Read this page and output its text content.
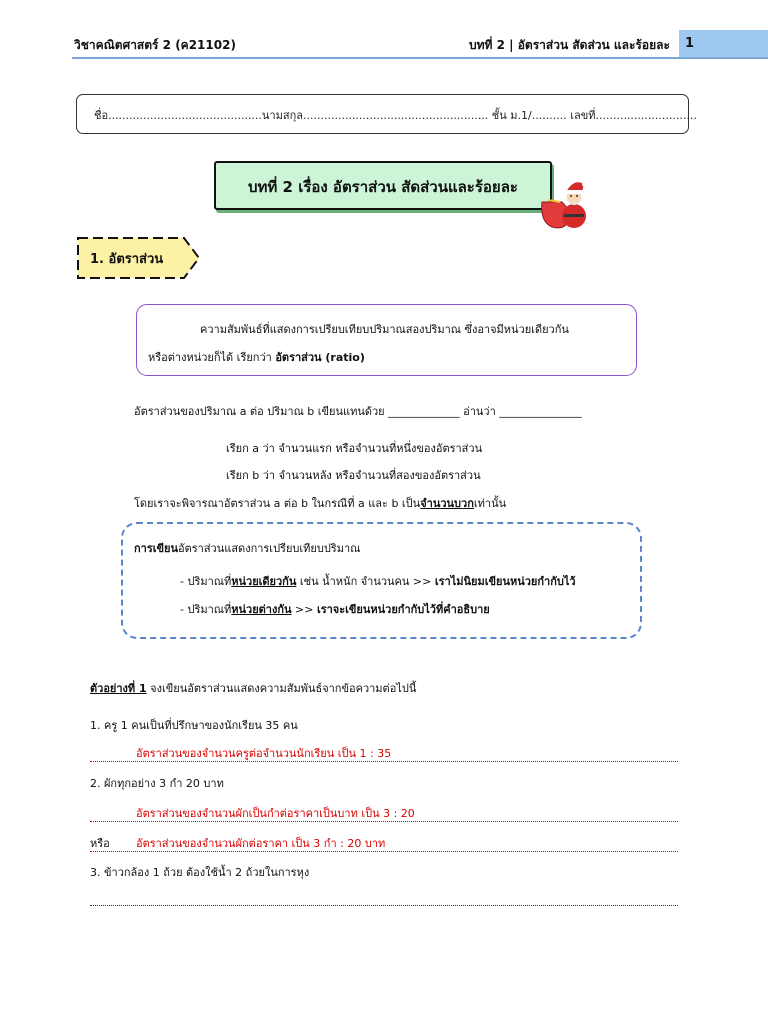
วิชาคณิตศาสตร์ 2 (ค21102)	บทที่ 2 | อัตราส่วน สัดส่วน และร้อยละ	1
ชื่อ............................................นามสกุล..................................................... ชั้น ม.1/.......... เลขที่.............................
บทที่ 2 เรื่อง อัตราส่วน สัดส่วนและร้อยละ
1. อัตราส่วน
ความสัมพันธ์ที่แสดงการเปรียบเทียบปริมาณสองปริมาณ ซึ่งอาจมีหน่วยเดียวกัน
หรือต่างหน่วยก็ได้ เรียกว่า อัตราส่วน (ratio)
อัตราส่วนของปริมาณ a ต่อ ปริมาณ b เขียนแทนด้วย _____________ อ่านว่า _______________
เรียก a ว่า จำนวนแรก หรือจำนวนที่หนึ่งของอัตราส่วน
เรียก b ว่า จำนวนหลัง หรือจำนวนที่สองของอัตราส่วน
โดยเราจะพิจารณาอัตราส่วน a ต่อ b ในกรณีที่ a และ b เป็นจำนวนบวกเท่านั้น
การเขียนอัตราส่วนแสดงการเปรียบเทียบปริมาณ
- ปริมาณที่หน่วยเดียวกัน เช่น น้ำหนัก จำนวนคน >> เราไม่นิยมเขียนหน่วยกำกับไว้
- ปริมาณที่หน่วยต่างกัน >> เราจะเขียนหน่วยกำกับไว้ที่คำอธิบาย
ตัวอย่างที่ 1 จงเขียนอัตราส่วนแสดงความสัมพันธ์จากข้อความต่อไปนี้
1. ครู 1 คนเป็นที่ปรึกษาของนักเรียน 35 คน
อัตราส่วนของจำนวนครูต่อจำนวนนักเรียน เป็น 1 : 35
2. ผักทุกอย่าง 3 กำ 20 บาท
อัตราส่วนของจำนวนผักเป็นกำต่อราคาเป็นบาท เป็น 3 : 20
หรือ อัตราส่วนของจำนวนผักต่อราคา เป็น 3 กำ : 20 บาท
3. ข้าวกล้อง 1 ถ้วย ต้องใช้น้ำ 2 ถ้วยในการหุง
